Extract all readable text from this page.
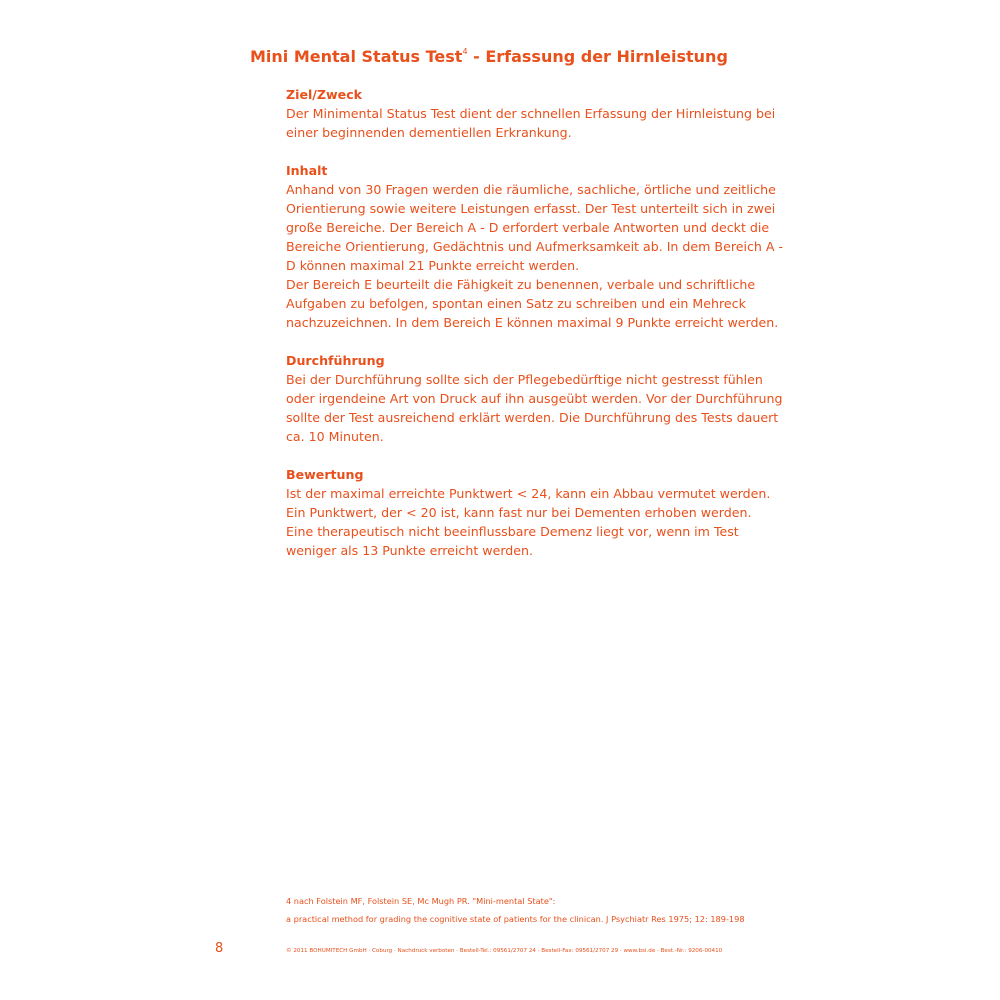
Mini Mental Status Test$^4$ - Erfassung der Hirnleistung
Ziel/Zweck

Der Minimental Status Test dient der schnellen Erfassung der Hirnleistung bei einer beginnenden dementiellen Erkrankung.

Inhalt

Anhand von 30 Fragen werden die räumliche, sachliche, örtliche und zeitliche Orientierung sowie weitere Leistungen erfasst. Der Test unterteilt sich in zwei große Bereiche. Der Bereich A - D erfordert verbale Antworten und deckt die Bereiche Orientierung, Gedächtnis und Aufmerksamkeit ab. In dem Bereich A - D können maximal 21 Punkte erreicht werden.

Der Bereich E beurteilt die Fähigkeit zu benennen, verbale und schriftliche Aufgaben zu befolgen, spontan einen Satz zu schreiben und ein Mehreck nachzuzeichnen. In dem Bereich E können maximal 9 Punkte erreicht werden.

Durchführung

Bei der Durchführung sollte sich der Pflegebedürftige nicht gestresst fühlen oder irgendeine Art von Druck auf ihn ausgeübt werden. Vor der Durchführung sollte der Test ausreichend erklärt werden. Die Durchführung des Tests dauert ca. 10 Minuten.

Bewertung

Ist der maximal erreichte Punktwert < 24, kann ein Abbau vermutet werden. Ein Punktwert, der < 20 ist, kann fast nur bei Dementen erhoben werden.

Eine therapeutisch nicht beeinflussbare Demenz liegt vor, wenn im Test weniger als 13 Punkte erreicht werden.

4 nach Folstein MF, Folstein SE, Mc Mugh PR. "Mini-mental State":
a practical method for grading the cognitive state of patients for the clinican. J Psychiatr Res 1975; 12: 189-198
8	© 2011 BOHUMITECH GmbH · Coburg · Nachdruck verboten · Bestell-Tel.: 09561/2707 24 · Bestell-Fax: 09561/2707 29 · www.bsi.de · Best.-Nr.: 9206-00410
